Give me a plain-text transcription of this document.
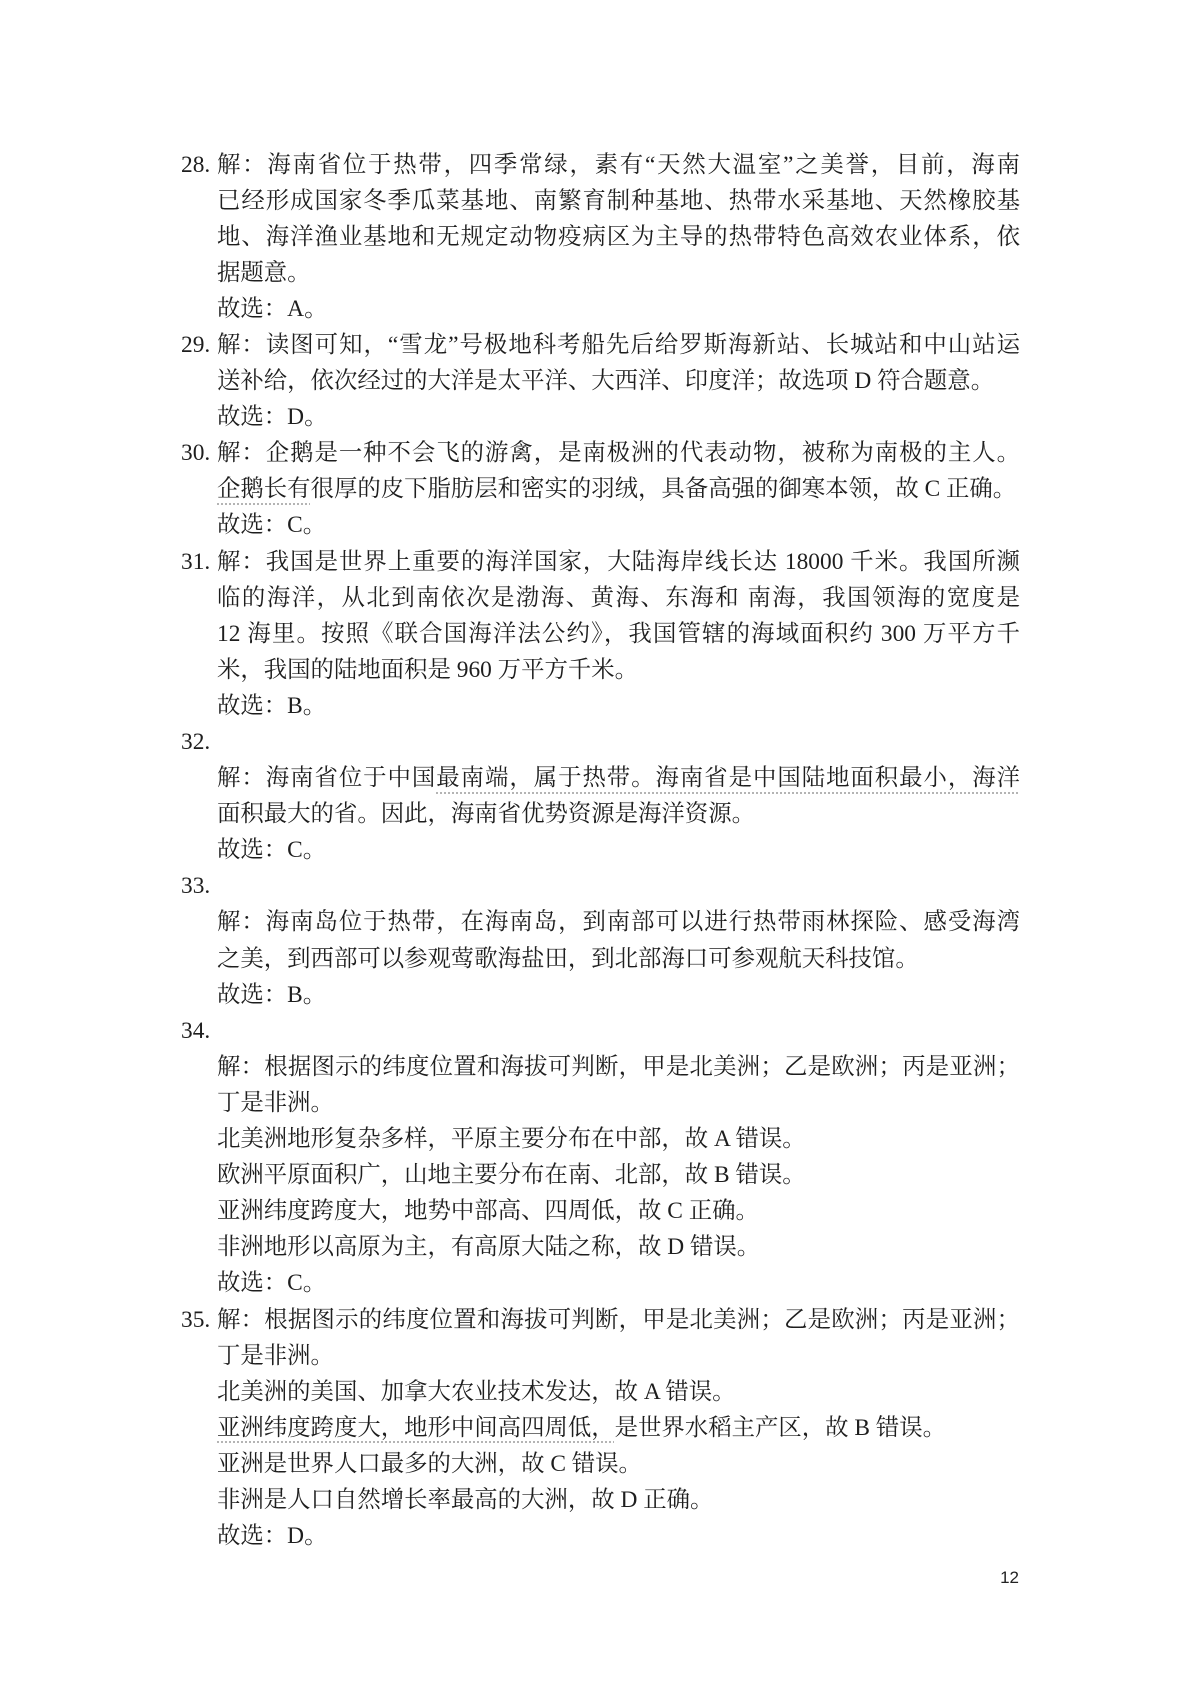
28. 解：海南省位于热带，四季常绿，素有“天然大温室”之美誉，目前，海南
已经形成国家冬季瓜菜基地、南繁育制种基地、热带水采基地、天然橡胶基
地、海洋渔业基地和无规定动物疫病区为主导的热带特色高效农业体系，依
据题意。
故选：A。
29. 解：读图可知，“雪龙”号极地科考船先后给罗斯海新站、长城站和中山站运
送补给，依次经过的大洋是太平洋、大西洋、印度洋；故选项 D 符合题意。
故选：D。
30. 解：企鹅是一种不会飞的游禽，是南极洲的代表动物，被称为南极的主人。
企鹅长有很厚的皮下脂肪层和密实的羽绒，具备高强的御寒本领，故 C 正确。
故选：C。
31. 解：我国是世界上重要的海洋国家，大陆海岸线长达 18000 千米。我国所濒
临的海洋，从北到南依次是渤海、黄海、东海和 南海，我国领海的宽度是
12 海里。按照《联合国海洋法公约》，我国管辖的海域面积约 300 万平方千
米，我国的陆地面积是 960 万平方千米。
故选：B。
32.
解：海南省位于中国最南端，属于热带。海南省是中国陆地面积最小，海洋
面积最大的省。因此，海南省优势资源是海洋资源。
故选：C。
33.
解：海南岛位于热带，在海南岛，到南部可以进行热带雨林探险、感受海湾
之美，到西部可以参观莺歌海盐田，到北部海口可参观航天科技馆。
故选：B。
34.
解：根据图示的纬度位置和海拔可判断，甲是北美洲；乙是欧洲；丙是亚洲；
丁是非洲。
北美洲地形复杂多样，平原主要分布在中部，故 A 错误。
欧洲平原面积广，山地主要分布在南、北部，故 B 错误。
亚洲纬度跨度大，地势中部高、四周低，故 C 正确。
非洲地形以高原为主，有高原大陆之称，故 D 错误。
故选：C。
35. 解：根据图示的纬度位置和海拔可判断，甲是北美洲；乙是欧洲；丙是亚洲；
丁是非洲。
北美洲的美国、加拿大农业技术发达，故 A 错误。
亚洲纬度跨度大，地形中间高四周低，是世界水稻主产区，故 B 错误。
亚洲是世界人口最多的大洲，故 C 错误。
非洲是人口自然增长率最高的大洲，故 D 正确。
故选：D。
12
